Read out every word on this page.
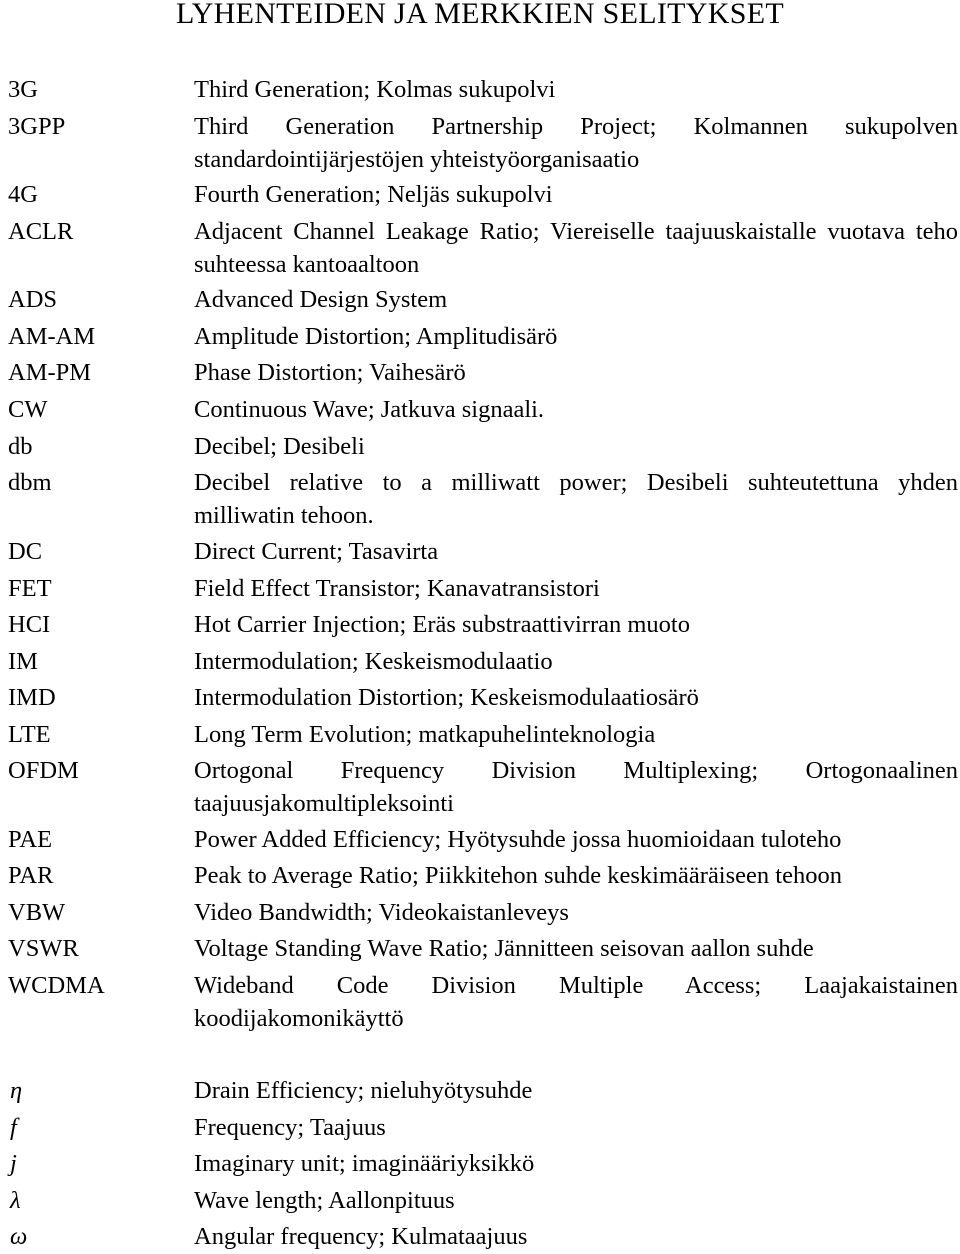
LYHENTEIDEN JA MERKKIEN SELITYKSET
3G	Third Generation; Kolmas sukupolvi
3GPP	Third Generation Partnership Project; Kolmannen sukupolven standardointijärjestöjen yhteistyöorganisaatio
4G	Fourth Generation; Neljäs sukupolvi
ACLR	Adjacent Channel Leakage Ratio; Viereiselle taajuuskaistalle vuotava teho suhteessa kantoaaltoon
ADS	Advanced Design System
AM-AM	Amplitude Distortion; Amplitudisärö
AM-PM	Phase Distortion; Vaihesärö
CW	Continuous Wave; Jatkuva signaali.
db	Decibel; Desibeli
dbm	Decibel relative to a milliwatt power; Desibeli suhteutettuna yhden milliwatin tehoon.
DC	Direct Current; Tasavirta
FET	Field Effect Transistor; Kanavatransistori
HCI	Hot Carrier Injection; Eräs substraattivirran muoto
IM	Intermodulation; Keskeismodulaatio
IMD	Intermodulation Distortion; Keskeismodulaatiosärö
LTE	Long Term Evolution; matkapuhelinteknologia
OFDM	Ortogonal Frequency Division Multiplexing; Ortogonaalinen taajuusjakomultipleksointi
PAE	Power Added Efficiency; Hyötysuhde jossa huomioidaan tuloteho
PAR	Peak to Average Ratio; Piikkitehon suhde keskimääräiseen tehoon
VBW	Video Bandwidth; Videokaistanleveys
VSWR	Voltage Standing Wave Ratio; Jännitteen seisovan aallon suhde
WCDMA	Wideband Code Division Multiple Access; Laajakaistainen koodijakomonikäyttö
η	Drain Efficiency; nieluhyötysuhde
f	Frequency; Taajuus
j	Imaginary unit; imaginääriyksikkö
λ	Wave length; Aallonpituus
ω	Angular frequency; Kulmataajuus
